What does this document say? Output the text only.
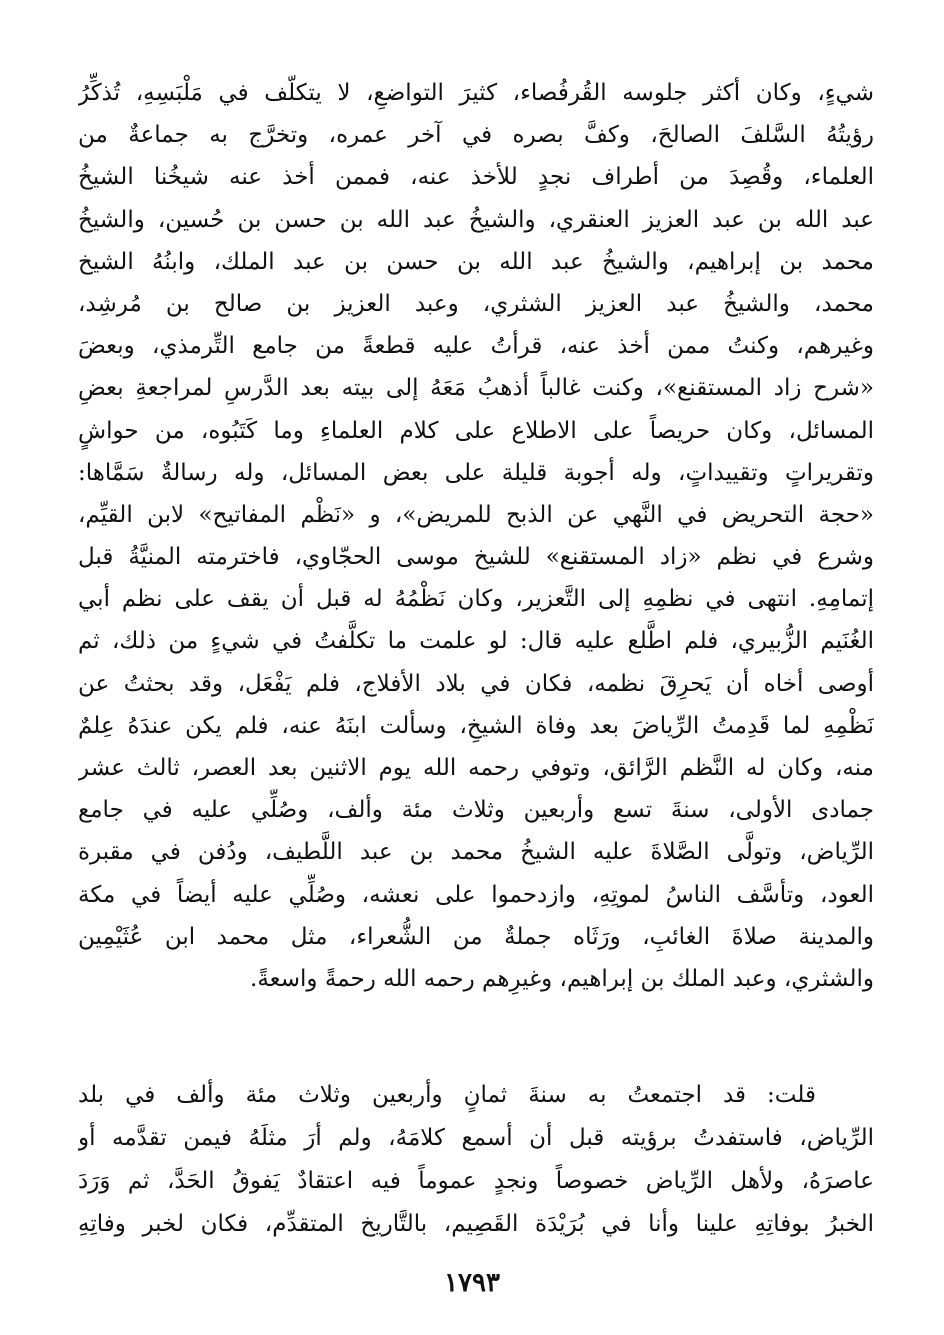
شيءٍ، وكان أكثر جلوسه القُرفُصاء، كثيرَ التواضعِ، لا يتكلّف في مَلْبَسِهِ، تُذكِّرُ
رؤيتُهُ السَّلفَ الصالحَ، وكفَّ بصره في آخر عمره، وتخرَّج به جماعةٌ من
العلماء، وقُصِدَ من أطراف نجدٍ للأخذ عنه، فممن أخذ عنه شيخُنا الشيخُ
عبد الله بن عبد العزيز العنقري، والشيخُ عبد الله بن حسن بن حُسين، والشيخُ
محمد بن إبراهيم، والشيخُ عبد الله بن حسن بن عبد الملك، وابنُهُ الشيخ
محمد، والشيخُ عبد العزيز الشثري، وعبد العزيز بن صالح بن مُرشِد،
وغيرهم، وكنتُ ممن أخذ عنه، قرأتُ عليه قطعةً من جامع التِّرمذي، وبعضَ
«شرح زاد المستقنع»، وكنت غالباً أذهبُ مَعَهُ إلى بيته بعد الدَّرسِ لمراجعةِ بعضِ
المسائل، وكان حريصاً على الاطلاع على كلام العلماءِ وما كَتَبُوه، من حواشٍ
وتقريراتٍ وتقييداتٍ، وله أجوبة قليلة على بعض المسائل، وله رسالةٌ سَمَّاها:
«حجة التحريض في النَّهي عن الذبح للمريض»، و «نَظْم المفاتيح» لابن القيِّم،
وشرع في نظم «زاد المستقنع» للشيخ موسى الحجّاوي، فاخترمته المنيَّةُ قبل
إتمامِهِ. انتهى في نظمِهِ إلى التَّعزير، وكان نَظْمُهُ له قبل أن يقف على نظم أبي
الغُنَيم الزُّبيري، فلم اطَّلع عليه قال: لو علمت ما تكلَّفتُ في شيءٍ من ذلك، ثم
أوصى أخاه أن يَحرِقَ نظمه، فكان في بلاد الأفلاج، فلم يَفْعَل، وقد بحثتُ عن
نَظْمِهِ لما قَدِمتُ الرِّياضَ بعد وفاة الشيخِ، وسألت ابنَهُ عنه، فلم يكن عندَهُ عِلمٌ
منه، وكان له النَّظم الرَّائق، وتوفي رحمه الله يوم الاثنين بعد العصر، ثالث عشر
جمادى الأولى، سنةَ تسع وأربعين وثلاث مئة وألف، وصُلِّي عليه في جامع
الرِّياض، وتولَّى الصَّلاةَ عليه الشيخُ محمد بن عبد اللَّطيف، ودُفن في مقبرة
العود، وتأسَّف الناسُ لموتِهِ، وازدحموا على نعشه، وصُلِّي عليه أيضاً في مكة
والمدينة صلاةَ الغائبِ، ورَثَاه جملةٌ من الشُّعراء، مثل محمد ابن عُثَيْمِين
والشثري، وعبد الملك بن إبراهيم، وغيرِهم رحمه الله رحمةً واسعةً.
قلت: قد اجتمعتُ به سنةَ ثمانٍ وأربعين وثلاث مئة وألف في بلد
الرِّياض، فاستفدتُ برؤيته قبل أن أسمع كلامَهُ، ولم أرَ مثلَهُ فيمن تقدَّمه أو
عاصرَهُ، ولأهل الرِّياض خصوصاً ونجدٍ عموماً فيه اعتقادٌ يَفوقُ الحَدَّ، ثم وَرَدَ
الخبرُ بوفاتِهِ علينا وأنا في بُرَيْدَة القَصِيم، بالتَّاريخ المتقدِّم، فكان لخبر وفاتِهِ
١٧٩٣
